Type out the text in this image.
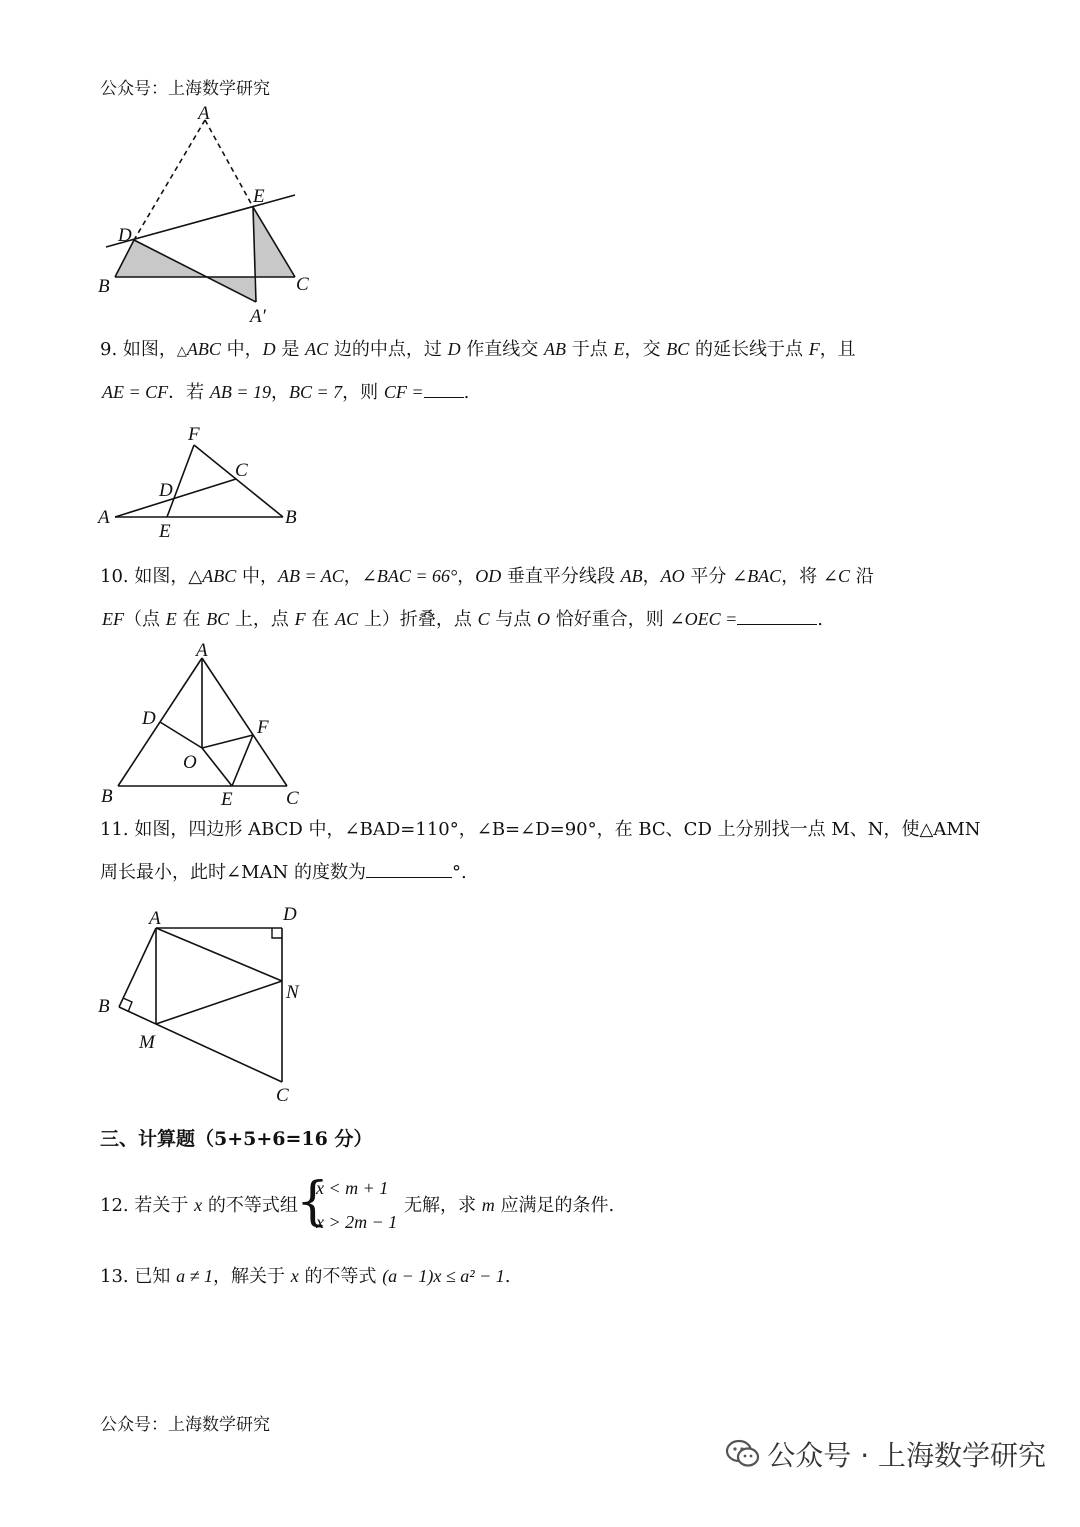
公众号：上海数学研究
A
E
D
B	C
A′
9. 如图，△ABC 中，D 是 AC 边的中点，过 D 作直线交 AB 于点 E，交 BC 的延长线于点 F，且
AE = CF．若 AB = 19，BC = 7，则 CF = .
F
C
D
A
E
B
10. 如图，△ABC 中，AB = AC，∠BAC = 66°，OD 垂直平分线段 AB，AO 平分 ∠BAC，将 ∠C 沿
EF（点 E 在 BC 上，点 F 在 AC 上）折叠，点 C 与点 O 恰好重合，则 ∠OEC =	.
A
D	F
O
B	E	C
11. 如图，四边形 ABCD 中，∠BAD=110°，∠B=∠D=90°，在 BC、CD 上分别找一点 M、N，使△AMN
周长最小，此时∠MAN 的度数为	°.
A	D
B
N
M
C
三、计算题（5+5+6=16 分）
12. 若关于 x 的不等式组
{
x < m + 1
x > 2m − 1
无解，求 m 应满足的条件.
13. 已知 a ≠ 1，解关于 x 的不等式 (a − 1)x ≤ a² − 1.
公众号：上海数学研究
公众号 · 上海数学研究
